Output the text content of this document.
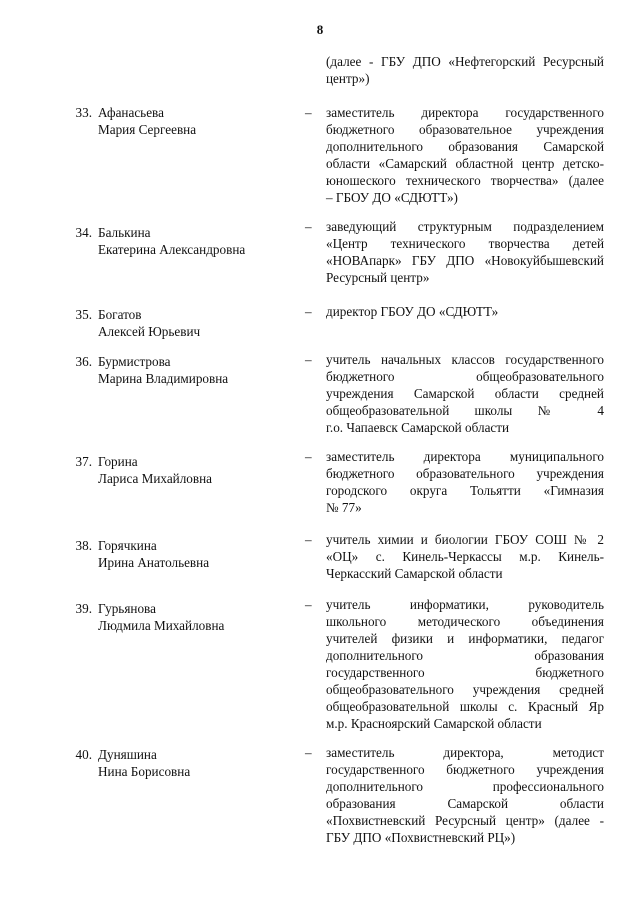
8
(далее - ГБУ ДПО «Нефтегорский Ресурсный
центр»)
33. Афанасьева
Мария Сергеевна
–	заместитель директора государственного
бюджетного образовательное учреждения
дополнительного образования Самарской
области «Самарский областной центр детско-
юношеского технического творчества» (далее
– ГБОУ ДО «СДЮТТ»)
34. Балькина
Екатерина Александровна
–	заведующий структурным подразделением
«Центр технического творчества детей
«НОВАпарк» ГБУ ДПО «Новокуйбышевский
Ресурсный центр»
35. Богатов
Алексей Юрьевич
–	директор ГБОУ ДО «СДЮТТ»
36. Бурмистрова
Марина Владимировна
–	учитель начальных классов государственного
бюджетного общеобразовательного
учреждения Самарской области средней
общеобразовательной школы № 4
г.о. Чапаевск Самарской области
37. Горина
Лариса Михайловна
–	заместитель директора муниципального
бюджетного образовательного учреждения
городского округа Тольятти «Гимназия
№ 77»
38. Горячкина
Ирина Анатольевна
–	учитель химии и биологии ГБОУ СОШ № 2
«ОЦ» с. Кинель-Черкассы м.р. Кинель-
Черкасский Самарской области
39. Гурьянова
Людмила Михайловна
–	учитель информатики, руководитель
школьного методического объединения
учителей физики и информатики, педагог
дополнительного образования
государственного бюджетного
общеобразовательного учреждения средней
общеобразовательной школы с. Красный Яр
м.р. Красноярский Самарской области
40. Дуняшина
Нина Борисовна
–	заместитель директора, методист
государственного бюджетного учреждения
дополнительного профессионального
образования Самарской области
«Похвистневский Ресурсный центр» (далее -
ГБУ ДПО «Похвистневский РЦ»)
